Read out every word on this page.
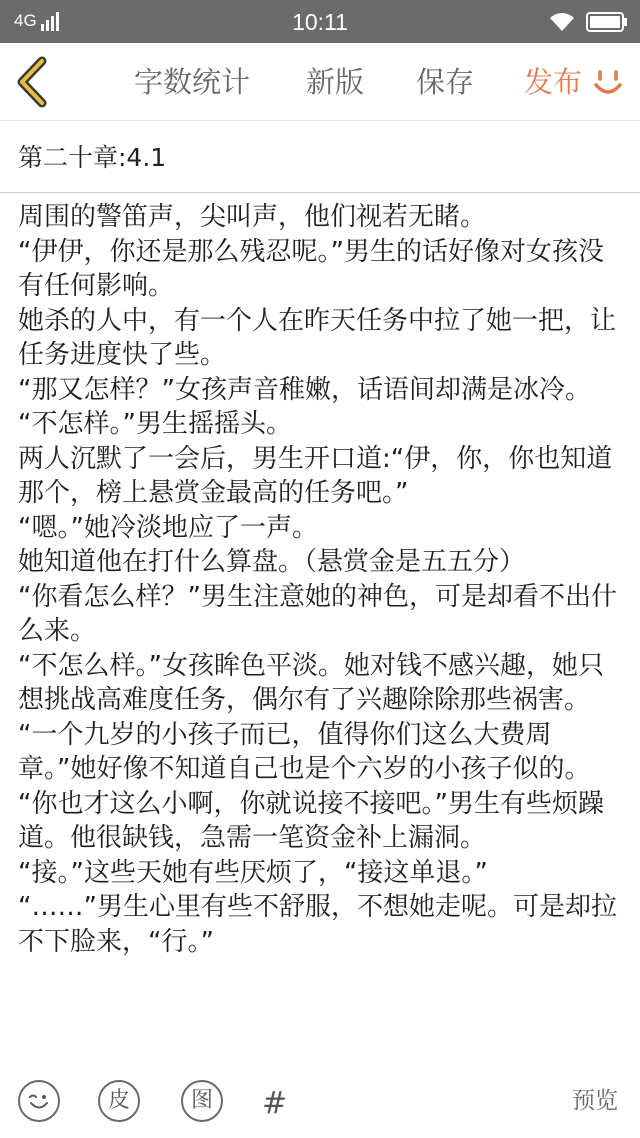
4G	10:11
字数统计 新版 保存 发布
第二十章:4.1

周围的警笛声，尖叫声，他们视若无睹。

“伊伊，你还是那么残忍呢。”男生的话好像对女孩没有任何影响。

她杀的人中，有一个人在昨天任务中拉了她一把，让任务进度快了些。

“那又怎样？”女孩声音稚嫩，话语间却满是冰冷。

“不怎样。”男生摇摇头。

两人沉默了一会后，男生开口道:“伊，你，你也知道那个，榜上悬赏金最高的任务吧。”

“嗯。”她冷淡地应了一声。

她知道他在打什么算盘。（悬赏金是五五分）

“你看怎么样？”男生注意她的神色，可是却看不出什么来。

“不怎么样。”女孩眸色平淡。她对钱不感兴趣，她只想挑战高难度任务，偶尔有了兴趣除除那些祸害。

“一个九岁的小孩子而已，值得你们这么大费周章。”她好像不知道自己也是个六岁的小孩子似的。

“你也才这么小啊，你就说接不接吧。”男生有些烦躁道。他很缺钱，急需一笔资金补上漏洞。

“接。”这些天她有些厌烦了，“接这单退。”

“……”男生心里有些不舒服，不想她走呢。可是却拉不下脸来，“行。”

皮	图	#	预览
